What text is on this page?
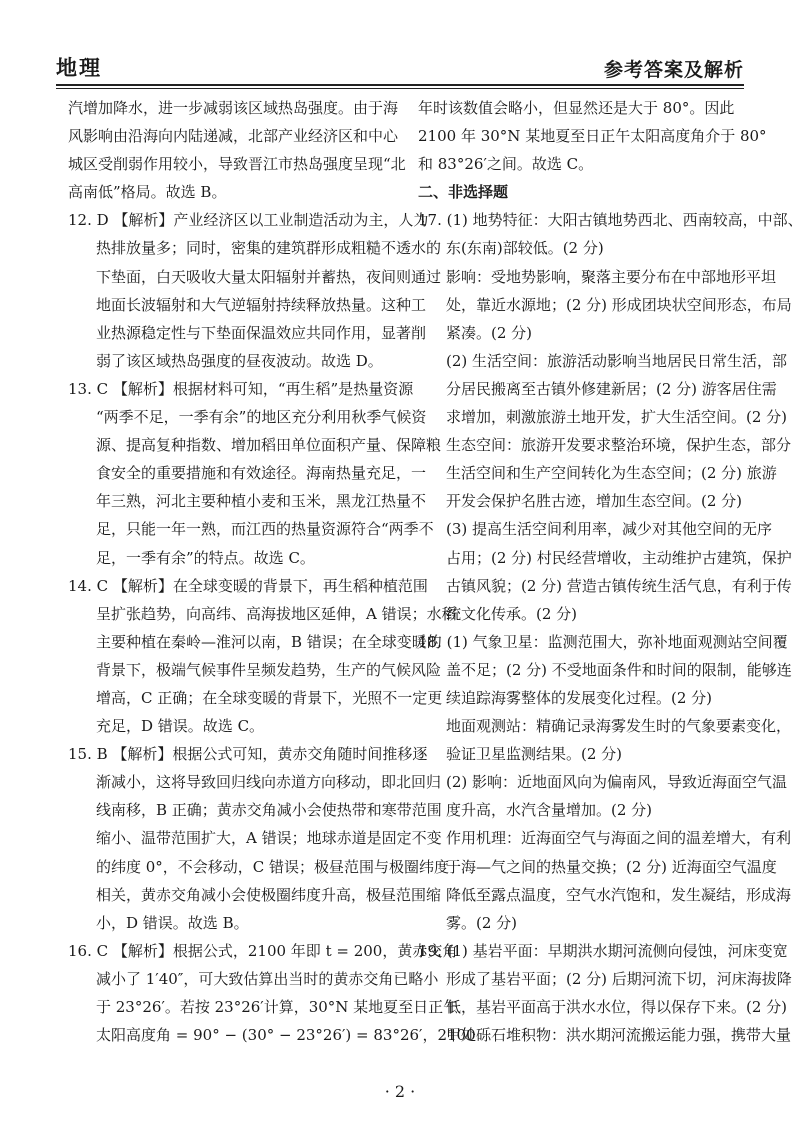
地理	参考答案及解析
汽增加降水，进一步减弱该区域热岛强度。由于海
风影响由沿海向内陆递减，北部产业经济区和中心
城区受削弱作用较小，导致晋江市热岛强度呈现“北
高南低”格局。故选 B。
12. D 【解析】产业经济区以工业制造活动为主，人为
热排放量多；同时，密集的建筑群形成粗糙不透水的
下垫面，白天吸收大量太阳辐射并蓄热，夜间则通过
地面长波辐射和大气逆辐射持续释放热量。这种工
业热源稳定性与下垫面保温效应共同作用，显著削
弱了该区域热岛强度的昼夜波动。故选 D。
13. C 【解析】根据材料可知，“再生稻”是热量资源
“两季不足，一季有余”的地区充分利用秋季气候资
源、提高复种指数、增加稻田单位面积产量、保障粮
食安全的重要措施和有效途径。海南热量充足，一
年三熟，河北主要种植小麦和玉米，黑龙江热量不
足，只能一年一熟，而江西的热量资源符合“两季不
足，一季有余”的特点。故选 C。
14. C 【解析】在全球变暖的背景下，再生稻种植范围
呈扩张趋势，向高纬、高海拔地区延伸，A 错误；水稻
主要种植在秦岭—淮河以南，B 错误；在全球变暖的
背景下，极端气候事件呈频发趋势，生产的气候风险
增高，C 正确；在全球变暖的背景下，光照不一定更
充足，D 错误。故选 C。
15. B 【解析】根据公式可知，黄赤交角随时间推移逐
渐减小，这将导致回归线向赤道方向移动，即北回归
线南移，B 正确；黄赤交角减小会使热带和寒带范围
缩小、温带范围扩大，A 错误；地球赤道是固定不变
的纬度 0°，不会移动，C 错误；极昼范围与极圈纬度
相关，黄赤交角减小会使极圈纬度升高，极昼范围缩
小，D 错误。故选 B。
16. C 【解析】根据公式，2100 年即 t = 200，黄赤交角
减小了 1′40″，可大致估算出当时的黄赤交角已略小
于 23°26′。若按 23°26′计算，30°N 某地夏至日正午
太阳高度角 = 90° − (30° − 23°26′) = 83°26′，2100
年时该数值会略小，但显然还是大于 80°。因此
2100 年 30°N 某地夏至日正午太阳高度角介于 80°
和 83°26′之间。故选 C。
二、非选择题
17. (1) 地势特征：大阳古镇地势西北、西南较高，中部、
东(东南)部较低。(2 分)
影响：受地势影响，聚落主要分布在中部地形平坦
处，靠近水源地；(2 分) 形成团块状空间形态，布局
紧凑。(2 分)
(2) 生活空间：旅游活动影响当地居民日常生活，部
分居民搬离至古镇外修建新居；(2 分) 游客居住需
求增加，刺激旅游土地开发，扩大生活空间。(2 分)
生态空间：旅游开发要求整治环境，保护生态，部分
生活空间和生产空间转化为生态空间；(2 分) 旅游
开发会保护名胜古迹，增加生态空间。(2 分)
(3) 提高生活空间利用率，减少对其他空间的无序
占用；(2 分) 村民经营增收，主动维护古建筑，保护
古镇风貌；(2 分) 营造古镇传统生活气息，有利于传
统文化传承。(2 分)
18. (1) 气象卫星：监测范围大，弥补地面观测站空间覆
盖不足；(2 分) 不受地面条件和时间的限制，能够连
续追踪海雾整体的发展变化过程。(2 分)
地面观测站：精确记录海雾发生时的气象要素变化，
验证卫星监测结果。(2 分)
(2) 影响：近地面风向为偏南风，导致近海面空气温
度升高，水汽含量增加。(2 分)
作用机理：近海面空气与海面之间的温差增大，有利
于海—气之间的热量交换；(2 分) 近海面空气温度
降低至露点温度，空气水汽饱和，发生凝结，形成海
雾。(2 分)
19. (1) 基岩平面：早期洪水期河流侧向侵蚀，河床变宽
形成了基岩平面；(2 分) 后期河流下切，河床海拔降
低，基岩平面高于洪水水位，得以保存下来。(2 分)
甲处砾石堆积物：洪水期河流搬运能力强，携带大量
· 2 ·
